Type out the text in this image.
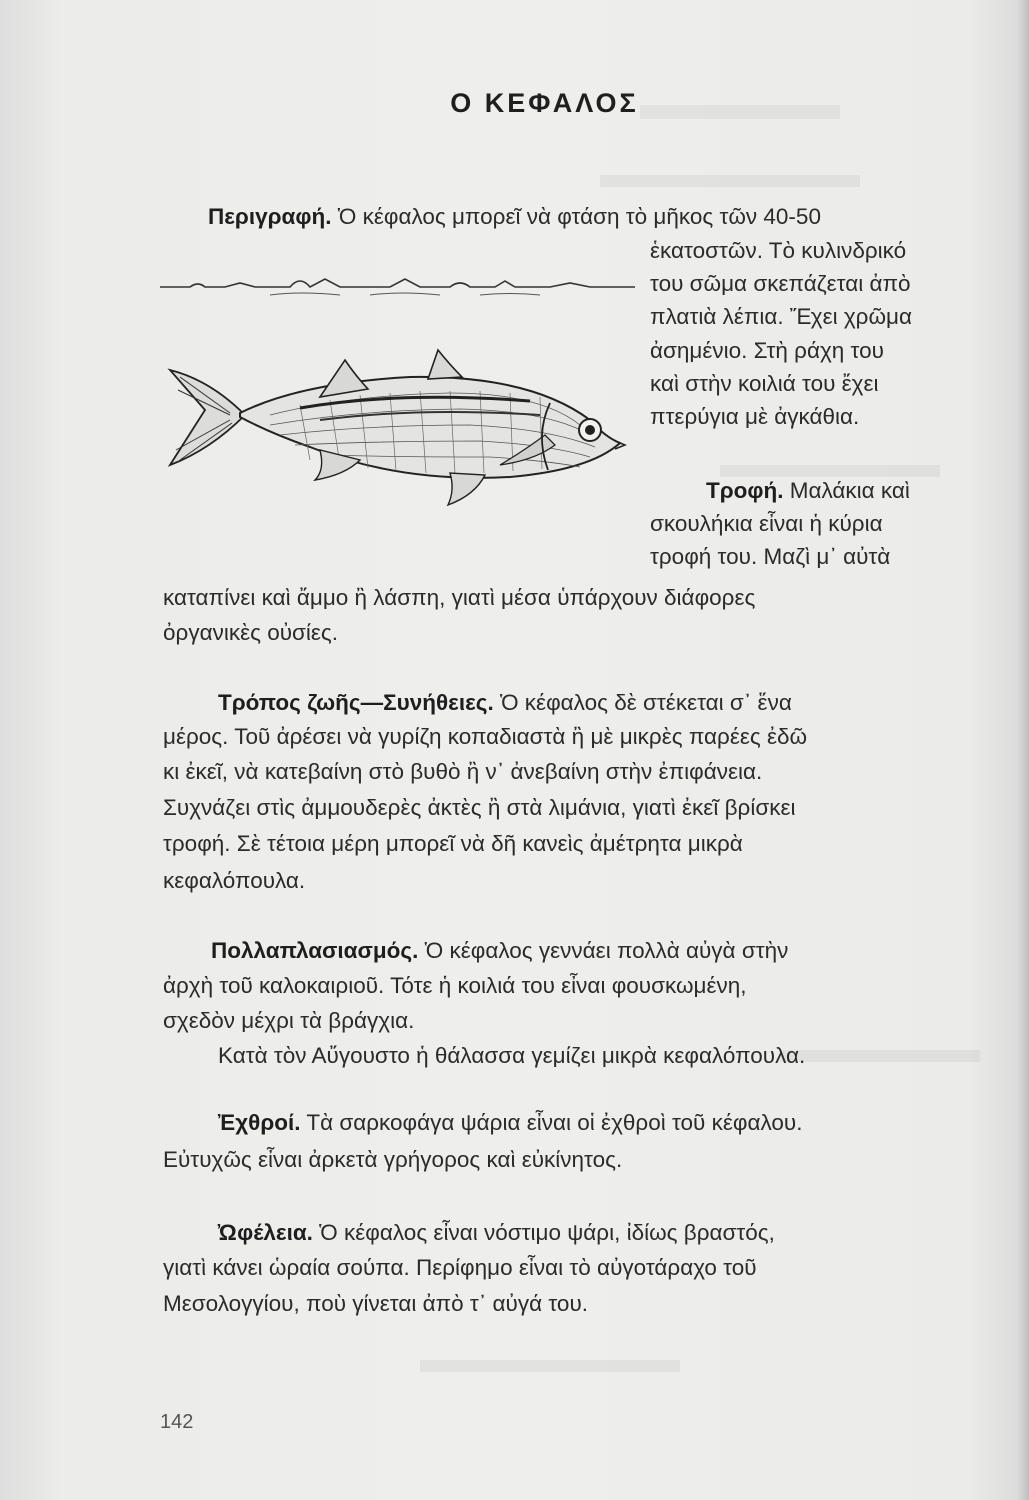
Ο ΚΕΦΑΛΟΣ
Περιγραφή. Ὁ κέφαλος μπορεῖ νὰ φτάση τὸ μῆκος τῶν 40-50
ἑκατοστῶν. Τὸ κυλινδρικό
του σῶμα σκεπάζεται ἀπὸ
πλατιὰ λέπια. Ἔχει χρῶμα
ἀσημένιο. Στὴ ράχη του
καὶ στὴν κοιλιά του ἔχει
πτερύγια μὲ ἀγκάθια.
Τροφή. Μαλάκια καὶ
σκουλήκια εἶναι ἡ κύρια
τροφή του. Μαζὶ μ᾽ αὐτὰ
καταπίνει καὶ ἄμμο ἢ λάσπη, γιατὶ μέσα ὑπάρχουν διάφορες
ὀργανικὲς οὐσίες.
Τρόπος ζωῆς—Συνήθειες. Ὁ κέφαλος δὲ στέκεται σ᾽ ἕνα
μέρος. Τοῦ ἀρέσει νὰ γυρίζη κοπαδιαστὰ ἢ μὲ μικρὲς παρέες ἐδῶ
κι ἐκεῖ, νὰ κατεβαίνη στὸ βυθὸ ἢ ν᾽ ἀνεβαίνη στὴν ἐπιφάνεια.
Συχνάζει στὶς ἀμμουδερὲς ἀκτὲς ἢ στὰ λιμάνια, γιατὶ ἐκεῖ βρίσκει
τροφή. Σὲ τέτοια μέρη μπορεῖ νὰ δῆ κανεὶς ἀμέτρητα μικρὰ
κεφαλόπουλα.
Πολλαπλασιασμός. Ὁ κέφαλος γεννάει πολλὰ αὐγὰ στὴν
ἀρχὴ τοῦ καλοκαιριοῦ. Τότε ἡ κοιλιά του εἶναι φουσκωμένη,
σχεδὸν μέχρι τὰ βράγχια.
Κατὰ τὸν Αὔγουστο ἡ θάλασσα γεμίζει μικρὰ κεφαλόπουλα.
Ἐχθροί. Τὰ σαρκοφάγα ψάρια εἶναι οἱ ἐχθροὶ τοῦ κέφαλου.
Εὐτυχῶς εἶναι ἀρκετὰ γρήγορος καὶ εὐκίνητος.
Ὠφέλεια. Ὁ κέφαλος εἶναι νόστιμο ψάρι, ἰδίως βραστός,
γιατὶ κάνει ὡραία σούπα. Περίφημο εἶναι τὸ αὐγοτάραχο τοῦ
Μεσολογγίου, ποὺ γίνεται ἀπὸ τ᾽ αὐγά του.
142
